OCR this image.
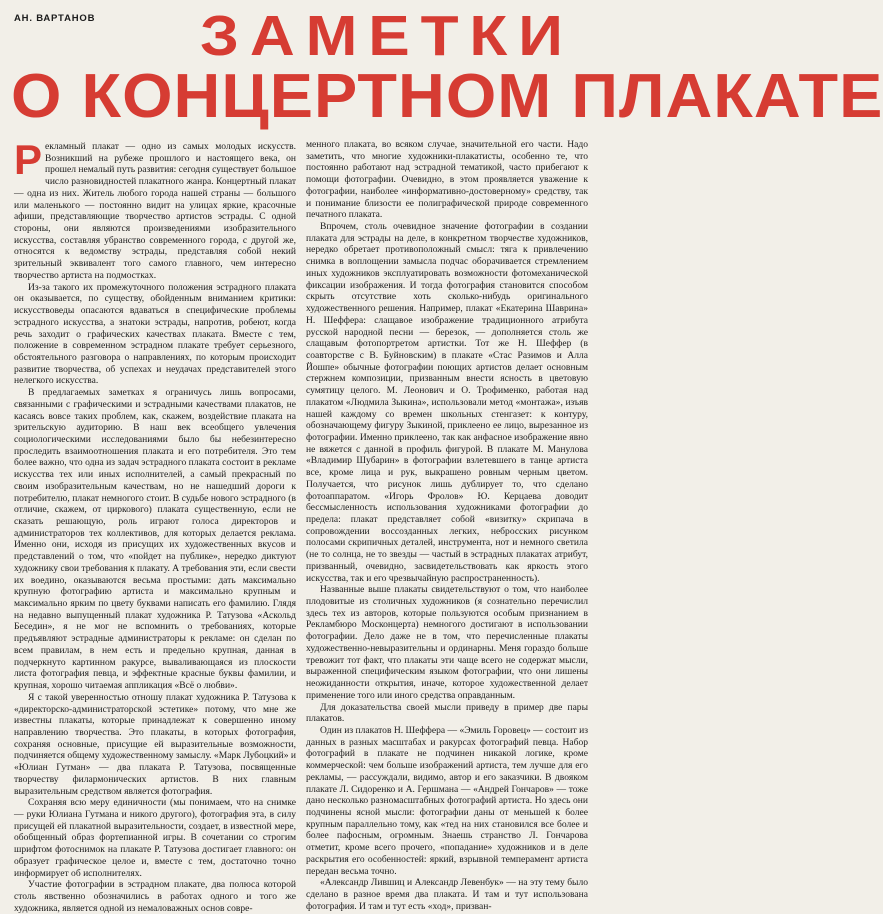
АН. ВАРТАНОВ ЗАМЕТКИ
О КОНЦЕРТНОМ ПЛАКАТЕ

Рекламный плакат — одно из самых молодых искусств. Возникший на рубеже прошлого и настоящего века, он прошел немалый путь развития: сегодня существует большое число разновидностей плакатного жанра. Концертный плакат — одна из них. Житель любого города нашей страны — большого или маленького — постоянно видит на улицах яркие, красочные афиши, представляющие творчество артистов эстрады. С одной стороны, они являются произведениями изобразительного искусства, составляя убранство современного города, с другой же, относятся к ведомству эстрады, представляя собой некий зрительный эквивалент того самого главного, чем интересно творчество артиста на подмостках.

Из-за такого их промежуточного положения эстрадного плаката он оказывается, по существу, обойденным вниманием критики: искусствоведы опасаются вдаваться в специфические проблемы эстрадного искусства, а знатоки эстрады, напротив, робеют, когда речь заходит о графических качествах плаката. Вместе с тем, положение в современном эстрадном плакате требует серьезного, обстоятельного разговора о направлениях, по которым происходит развитие творчества, об успехах и неудачах представителей этого нелегкого искусства.

В предлагаемых заметках я ограничусь лишь вопросами, связанными с графическими и эстрадными качествами плакатов, не касаясь вовсе таких проблем, как, скажем, воздействие плаката на зрительскую аудиторию. В наш век всеобщего увлечения социологическими исследованиями было бы небезинтересно проследить взаимоотношения плаката и его потребителя. Это тем более важно, что одна из задач эстрадного плаката состоит в рекламе искусства тех или иных исполнителей, а самый прекрасный по своим изобразительным качествам, но не нашедший дороги к потребителю, плакат немногого стоит. В судьбе нового эстрадного (в отличие, скажем, от циркового) плаката существенную, если не сказать решающую, роль играют голоса директоров и администраторов тех коллективов, для которых делается реклама. Именно они, исходя из присущих их художественных вкусов и представлений о том, что «пойдет на публике», нередко диктуют художнику свои требования к плакату. А требования эти, если свести их воедино, оказываются весьма простыми: дать максимально крупную фотографию артиста и максимально крупным и максимально ярким по цвету буквами написать его фамилию. Глядя на недавно выпущенный плакат художника Р. Татузова «Аскольд Беседин», я не мог не вспомнить о требованиях, которые предъявляют эстрадные администраторы к рекламе: он сделан по всем правилам, в нем есть и предельно крупная, данная в подчеркнуто картинном ракурсе, вываливающаяся из плоскости листа фотография певца, и эффектные красные буквы фамилии, и крупная, хорошо читаемая аппликация «Всё о любви».

Я с такой уверенностью отношу плакат художника Р. Татузова к «директорско-администраторской эстетике» потому, что мне же известны плакаты, которые принадлежат к совершенно иному направлению творчества. Это плакаты, в которых фотография, сохраняя основные, присущие ей выразительные возможности, подчиняется общему художественному замыслу. «Марк Лубоцкий» и «Юлиан Гутман» — два плаката Р. Татузова, посвященные творчеству филармонических артистов. В них главным выразительным средством является фотография.

Сохраняя всю меру единичности (мы понимаем, что на снимке — руки Юлиана Гутмана и никого другого), фотография эта, в силу присущей ей плакатной выразительности, создает, в известной мере, обобщенный образ фортепианной игры. В сочетании со строгим шрифтом фотоснимок на плакате Р. Татузова достигает главного: он образует графическое целое и, вместе с тем, достаточно точно информирует об исполнителях.

Участие фотографии в эстрадном плакате, два полюса которой столь явственно обозначились в работах одного и того же художника, является одной из немаловажных основ совре-

менного плаката, во всяком случае, значительной его части. Надо заметить, что многие художники-плакатисты, особенно те, что постоянно работают над эстрадной тематикой, часто прибегают к помощи фотографии. Очевидно, в этом проявляется уважение к фотографии, наиболее «информативно-достоверному» средству, так и понимание близости ее полиграфической природе современного печатного плаката.

Впрочем, столь очевидное значение фотографии в создании плаката для эстрады на деле, в конкретном творчестве художников, нередко обретает противоположный смысл: тяга к привлечению снимка в воплощении замысла подчас оборачивается стремлением иных художников эксплуатировать возможности фотомеханической фиксации изображения. И тогда фотография становится способом скрыть отсутствие хоть сколько-нибудь оригинального художественного решения. Например, плакат «Екатерина Шаврина» Н. Шеффера: слащавое изображение традиционного атрибута русской народной песни — березок, — дополняется столь же слащавым фотопортретом артистки. Тот же Н. Шеффер (в соавторстве с В. Буйновским) в плакате «Стас Разимов и Алла Йошпе» обычные фотографии поющих артистов делает основным стержнем композиции, призванным внести ясность в цветовую сумятицу целого. М. Леонович и О. Трофименко, работая над плакатом «Людмила Зыкина», использовали метод «монтажа», изъяв нашей каждому со времен школьных стенгазет: к контуру, обозначающему фигуру Зыкиной, приклеено ее лицо, вырезанное из фотографии. Именно приклеено, так как анфасное изображение явно не вяжется с данной в профиль фигурой. В плакате М. Манулова «Владимир Шубарин» в фотографии взлетевшего в танце артиста все, кроме лица и рук, выкрашено ровным черным цветом. Получается, что рисунок лишь дублирует то, что сделано фотоаппаратом. «Игорь Фролов» Ю. Керцаева доводит бессмысленность использования художниками фотографии до предела: плакат представляет собой «визитку» скрипача в сопровождении воссозданных легких, небросских рисунком полосами скрипичных деталей, инструмента, нот и немного светила (не то солнца, не то звезды — частый в эстрадных плакатах атрибут, призванный, очевидно, засвидетельствовать как яркость этого искусства, так и его чрезвычайную распространенность).

Названные выше плакаты свидетельствуют о том, что наиболее плодовитые из столичных художников (я сознательно перечислил здесь тех из авторов, которые пользуются особым признанием в Рекламбюро Москонцерта) немногого достигают в использовании фотографии. Дело даже не в том, что перечисленные плакаты художественно-невыразительны и ординарны. Меня гораздо больше тревожит тот факт, что плакаты эти чаще всего не содержат мысли, выраженной специфическим языком фотографии, что они лишены неожиданности открытия, иначе, которое художественной делает применение того или иного средства оправданным.

Для доказательства своей мысли приведу в пример две пары плакатов.

Один из плакатов Н. Шеффера — «Эмиль Горовец» — состоит из данных в разных масштабах и ракурсах фотографий певца. Набор фотографий в плакате не подчинен никакой логике, кроме коммерческой: чем больше изображений артиста, тем лучше для его рекламы, — рассуждали, видимо, автор и его заказчики. В двояком плакате Л. Сидоренко и А. Гершмана — «Андрей Гончаров» — тоже дано несколько разномасштабных фотографий артиста. Но здесь они подчинены ясной мысли: фотографии даны от меньшей к более крупным параллельно тому, как «тед на них становился все более и более пафосным, огромным. Знаешь странство Л. Гончарова отметит, кроме всего прочего, «попадание» художников и в деле раскрытия его особенностей: яркий, взрывной темперамент артиста передан весьма точно.

«Александр Лившиц и Александр Левенбук» — на эту тему было сделано в разное время два плаката. И там и тут использована фотография. И там и тут есть «ход», призван-
